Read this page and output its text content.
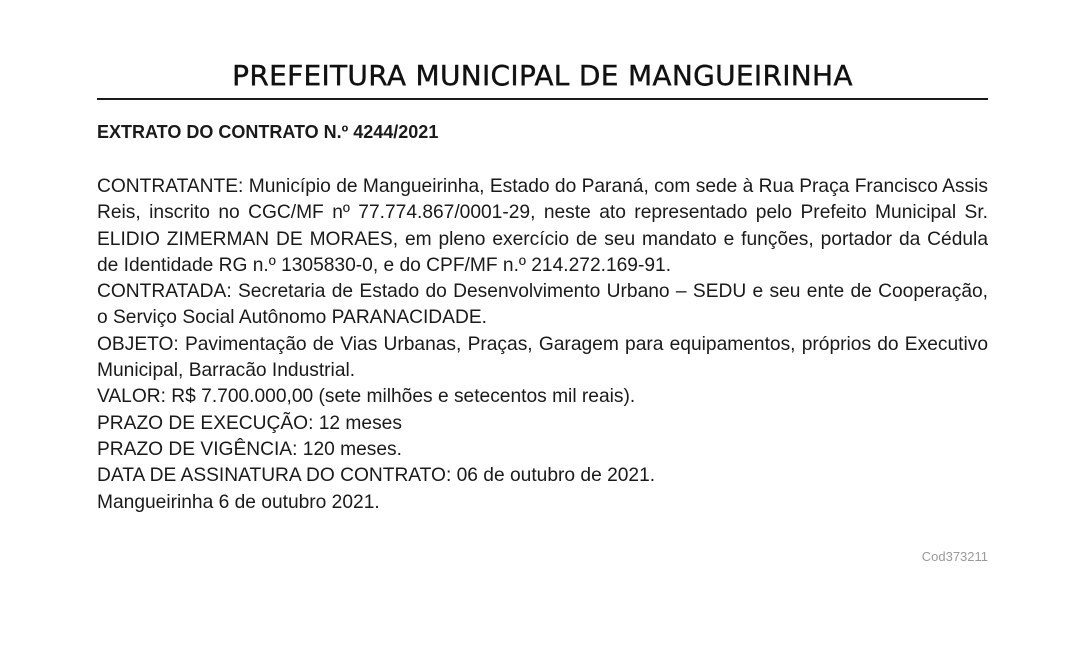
PREFEITURA MUNICIPAL DE MANGUEIRINHA
EXTRATO DO CONTRATO N.º 4244/2021

CONTRATANTE: Município de Mangueirinha, Estado do Paraná, com sede à Rua Praça Francisco Assis Reis, inscrito no CGC/MF nº 77.774.867/0001-29, neste ato representado pelo Prefeito Municipal Sr. ELIDIO ZIMERMAN DE MORAES, em pleno exercício de seu mandato e funções, portador da Cédula de Identidade RG n.º 1305830-0, e do CPF/MF n.º 214.272.169-91.

CONTRATADA: Secretaria de Estado do Desenvolvimento Urbano – SEDU e seu ente de Cooperação, o Serviço Social Autônomo PARANACIDADE.

OBJETO: Pavimentação de Vias Urbanas, Praças, Garagem para equipamentos, próprios do Executivo Municipal, Barracão Industrial.

VALOR: R$ 7.700.000,00 (sete milhões e setecentos mil reais).

PRAZO DE EXECUÇÃO: 12 meses

PRAZO DE VIGÊNCIA: 120 meses.

DATA DE ASSINATURA DO CONTRATO: 06 de outubro de 2021.

Mangueirinha 6 de outubro 2021.

Cod373211
